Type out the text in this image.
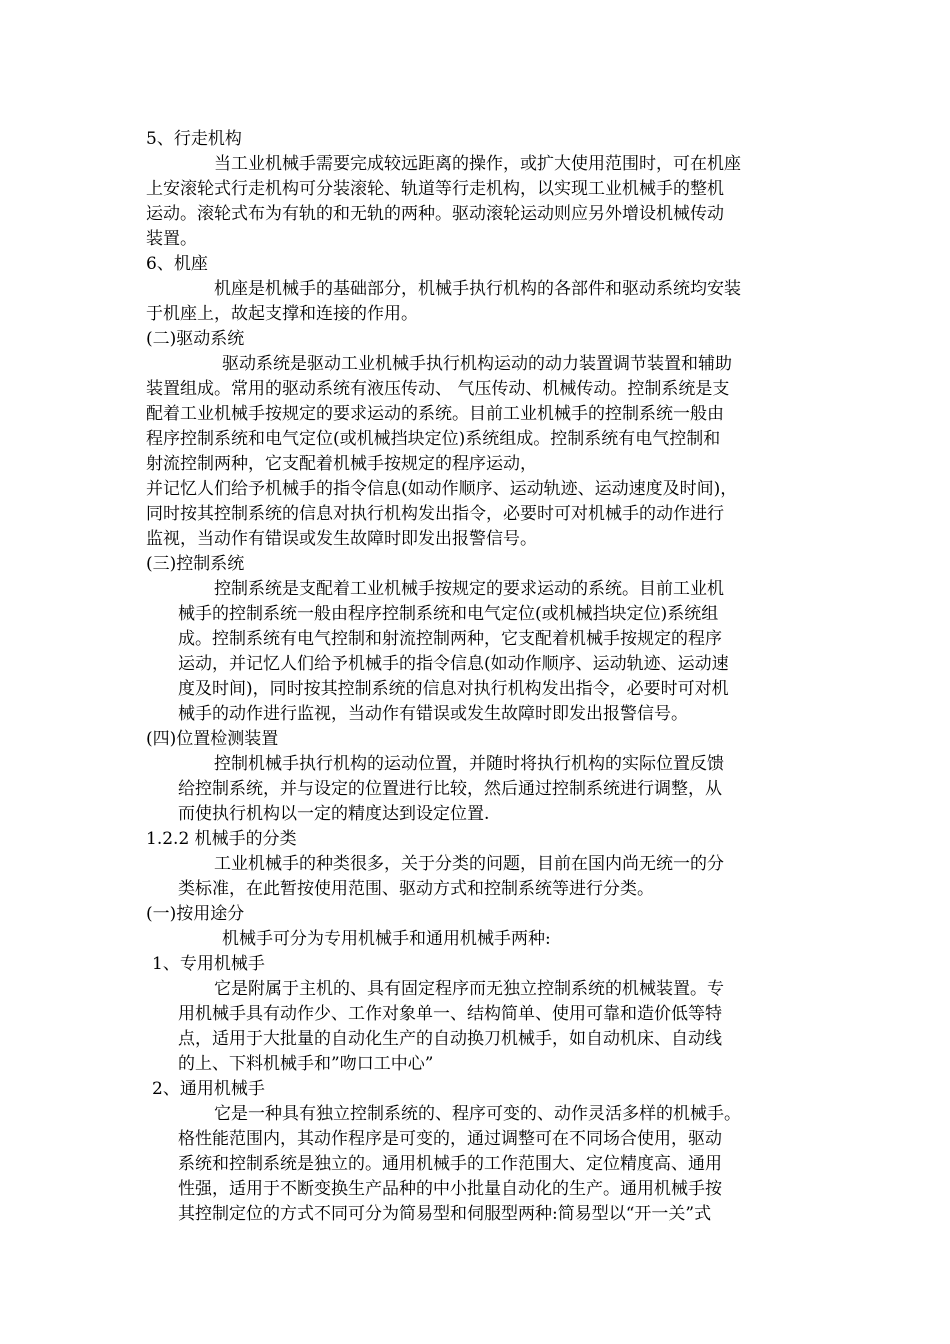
5、行走机构
当工业机械手需要完成较远距离的操作，或扩大使用范围时，可在机座
上安滚轮式行走机构可分装滚轮、轨道等行走机构，以实现工业机械手的整机
运动。滚轮式布为有轨的和无轨的两种。驱动滚轮运动则应另外增设机械传动
装置。
6、机座
机座是机械手的基础部分，机械手执行机构的各部件和驱动系统均安装
于机座上，故起支撑和连接的作用。
(二)驱动系统
驱动系统是驱动工业机械手执行机构运动的动力装置调节装置和辅助
装置组成。常用的驱动系统有液压传动、 气压传动、机械传动。控制系统是支
配着工业机械手按规定的要求运动的系统。目前工业机械手的控制系统一般由
程序控制系统和电气定位(或机械挡块定位)系统组成。控制系统有电气控制和
射流控制两种，它支配着机械手按规定的程序运动，
并记忆人们给予机械手的指令信息(如动作顺序、运动轨迹、运动速度及时间)，
同时按其控制系统的信息对执行机构发出指令，必要时可对机械手的动作进行
监视，当动作有错误或发生故障时即发出报警信号。
(三)控制系统
控制系统是支配着工业机械手按规定的要求运动的系统。目前工业机
械手的控制系统一般由程序控制系统和电气定位(或机械挡块定位)系统组
成。控制系统有电气控制和射流控制两种，它支配着机械手按规定的程序
运动，并记忆人们给予机械手的指令信息(如动作顺序、运动轨迹、运动速
度及时间)，同时按其控制系统的信息对执行机构发出指令，必要时可对机
械手的动作进行监视，当动作有错误或发生故障时即发出报警信号。
(四)位置检测装置
控制机械手执行机构的运动位置，并随时将执行机构的实际位置反馈
给控制系统，并与设定的位置进行比较，然后通过控制系统进行调整，从
而使执行机构以一定的精度达到设定位置.
1.2.2 机械手的分类
工业机械手的种类很多，关于分类的问题，目前在国内尚无统一的分
类标准，在此暂按使用范围、驱动方式和控制系统等进行分类。
(一)按用途分
机械手可分为专用机械手和通用机械手两种:
1、专用机械手
它是附属于主机的、具有固定程序而无独立控制系统的机械装置。专
用机械手具有动作少、工作对象单一、结构简单、使用可靠和造价低等特
点，适用于大批量的自动化生产的自动换刀机械手，如自动机床、自动线
的上、下料机械手和”吻口工中心”
2、通用机械手
它是一种具有独立控制系统的、程序可变的、动作灵活多样的机械手。
格性能范围内，其动作程序是可变的，通过调整可在不同场合使用，驱动
系统和控制系统是独立的。通用机械手的工作范围大、定位精度高、通用
性强，适用于不断变换生产品种的中小批量自动化的生产。通用机械手按
其控制定位的方式不同可分为简易型和伺服型两种:简易型以“开一关”式
